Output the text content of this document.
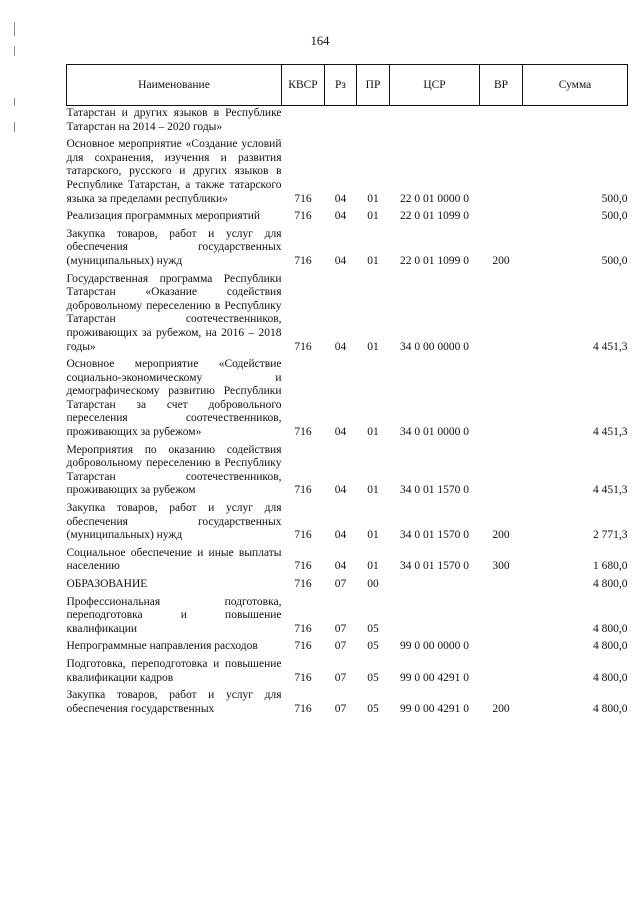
164
Наименование	КВСР	Рз	ПР	ЦСР	ВР	Сумма
Татарстан и других языков в Республике Татарстан на 2014 – 2020 годы»						
Основное мероприятие «Создание условий для сохранения, изучения и развития татарского, русского и других языков в Республике Татарстан, а также татарского языка за пределами республики»	716	04	01	22 0 01 0000 0		500,0
Реализация программных мероприятий	716	04	01	22 0 01 1099 0		500,0
Закупка товаров, работ и услуг для обеспечения государственных (муниципальных) нужд	716	04	01	22 0 01 1099 0	200	500,0
Государственная программа Республики Татарстан «Оказание содействия добровольному переселению в Республику Татарстан соотечественников, проживающих за рубежом, на 2016 – 2018 годы»	716	04	01	34 0 00 0000 0		4 451,3
Основное мероприятие «Содействие социально-экономическому и демографическому развитию Республики Татарстан за счет добровольного переселения соотечественников, проживающих за рубежом»	716	04	01	34 0 01 0000 0		4 451,3
Мероприятия по оказанию содействия добровольному переселению в Республику Татарстан соотечественников, проживающих за рубежом	716	04	01	34 0 01 1570 0		4 451,3
Закупка товаров, работ и услуг для обеспечения государственных (муниципальных) нужд	716	04	01	34 0 01 1570 0	200	2 771,3
Социальное обеспечение и иные выплаты населению	716	04	01	34 0 01 1570 0	300	1 680,0
ОБРАЗОВАНИЕ	716	07	00			4 800,0
Профессиональная подготовка, переподготовка и повышение квалификации	716	07	05			4 800,0
Непрограммные направления расходов	716	07	05	99 0 00 0000 0		4 800,0
Подготовка, переподготовка и повышение квалификации кадров	716	07	05	99 0 00 4291 0		4 800,0
Закупка товаров, работ и услуг для обеспечения государственных	716	07	05	99 0 00 4291 0	200	4 800,0
